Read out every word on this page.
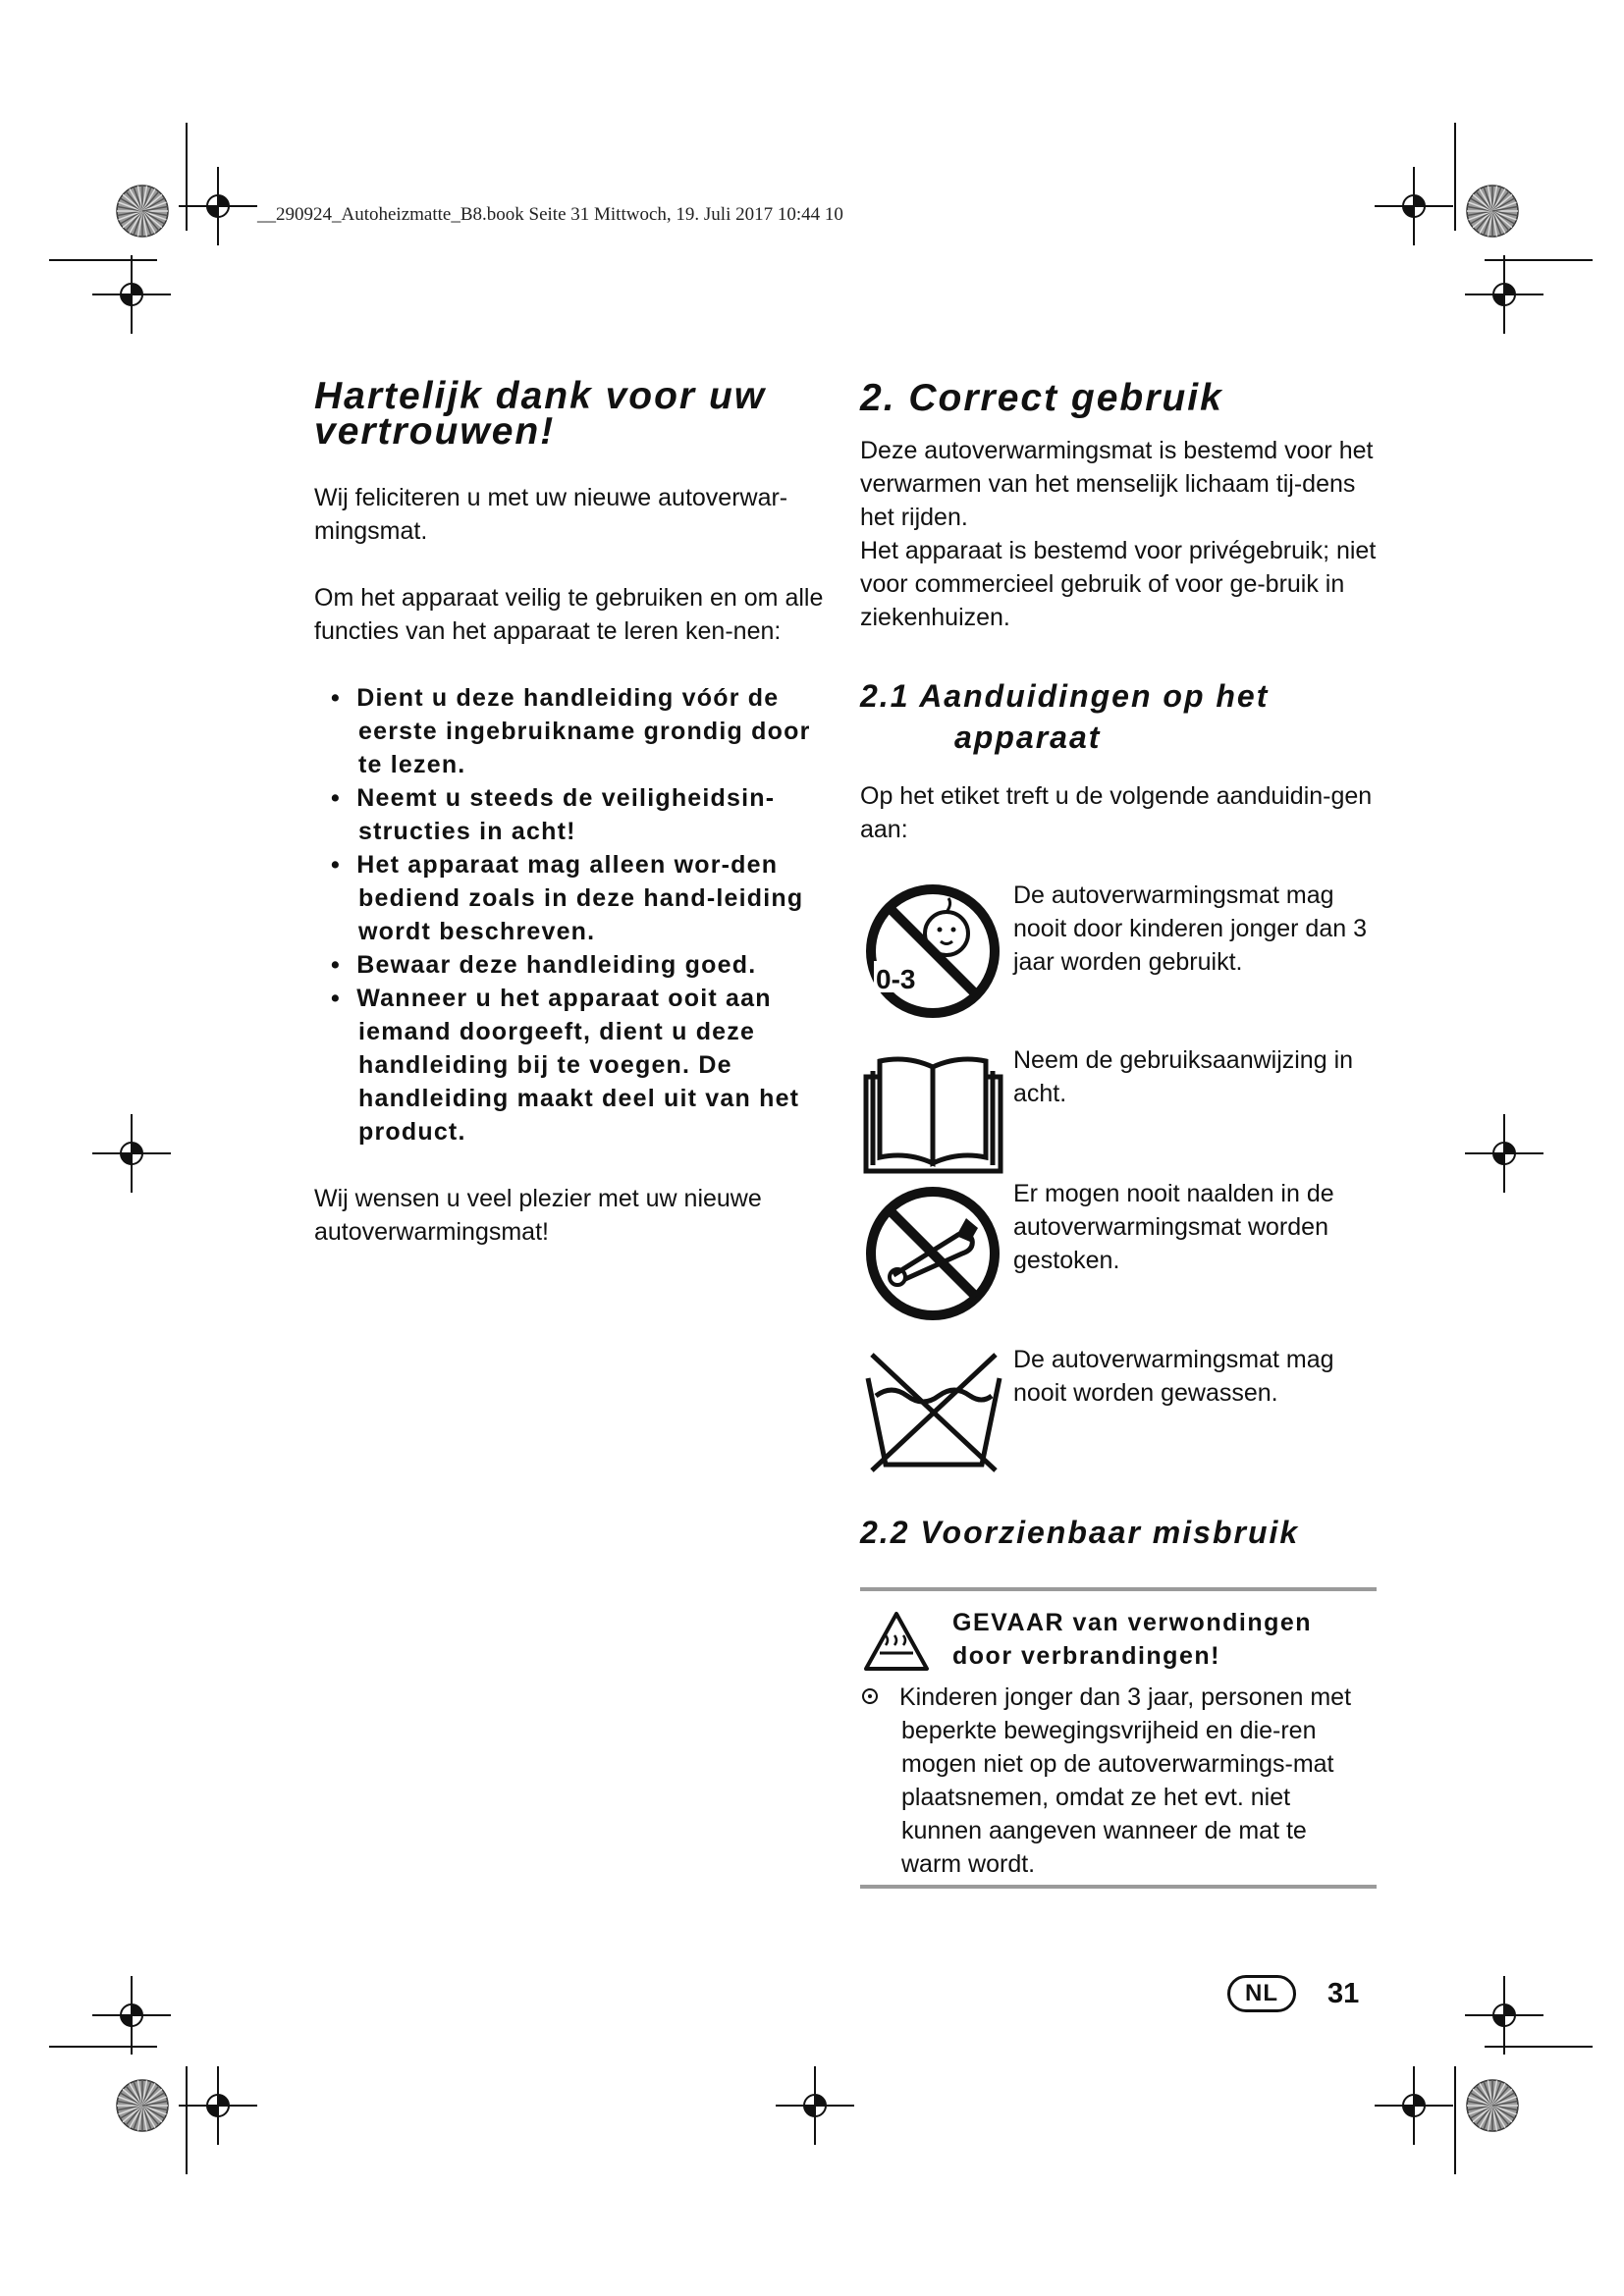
__290924_Autoheizmatte_B8.book Seite 31 Mittwoch, 19. Juli 2017 10:44 10
Hartelijk dank voor uw vertrouwen!

Wij feliciteren u met uw nieuwe autoverwar-mingsmat.

Om het apparaat veilig te gebruiken en om alle functies van het apparaat te leren ken-nen:

•  Dient u deze handleiding vóór de eerste ingebruikname grondig door te lezen.

•  Neemt u steeds de veiligheidsin-structies in acht!

•  Het apparaat mag alleen wor-den bediend zoals in deze hand-leiding wordt beschreven.

•  Bewaar deze handleiding goed.

•  Wanneer u het apparaat ooit aan iemand doorgeeft, dient u deze handleiding bij te voegen. De handleiding maakt deel uit van het product.

Wij wensen u veel plezier met uw nieuwe autoverwarmingsmat!

2. Correct gebruik

Deze autoverwarmingsmat is bestemd voor het verwarmen van het menselijk lichaam tij-dens het rijden.

Het apparaat is bestemd voor privégebruik; niet voor commercieel gebruik of voor ge-bruik in ziekenhuizen.

2.1 Aanduidingen op het apparaat

Op het etiket treft u de volgende aanduidin-gen aan:

0-3

De autoverwarmingsmat mag nooit door kinderen jonger dan 3 jaar worden gebruikt.

Neem de gebruiksaanwijzing in acht.

Er mogen nooit naalden in de autoverwarmingsmat worden gestoken.

De autoverwarmingsmat mag nooit worden gewassen.

2.2 Voorzienbaar misbruik

GEVAAR van verwondingen door verbrandingen!

Kinderen jonger dan 3 jaar, personen met beperkte bewegingsvrijheid en die-ren mogen niet op de autoverwarmings-mat plaatsnemen, omdat ze het evt. niet kunnen aangeven wanneer de mat te warm wordt.

NL	31
